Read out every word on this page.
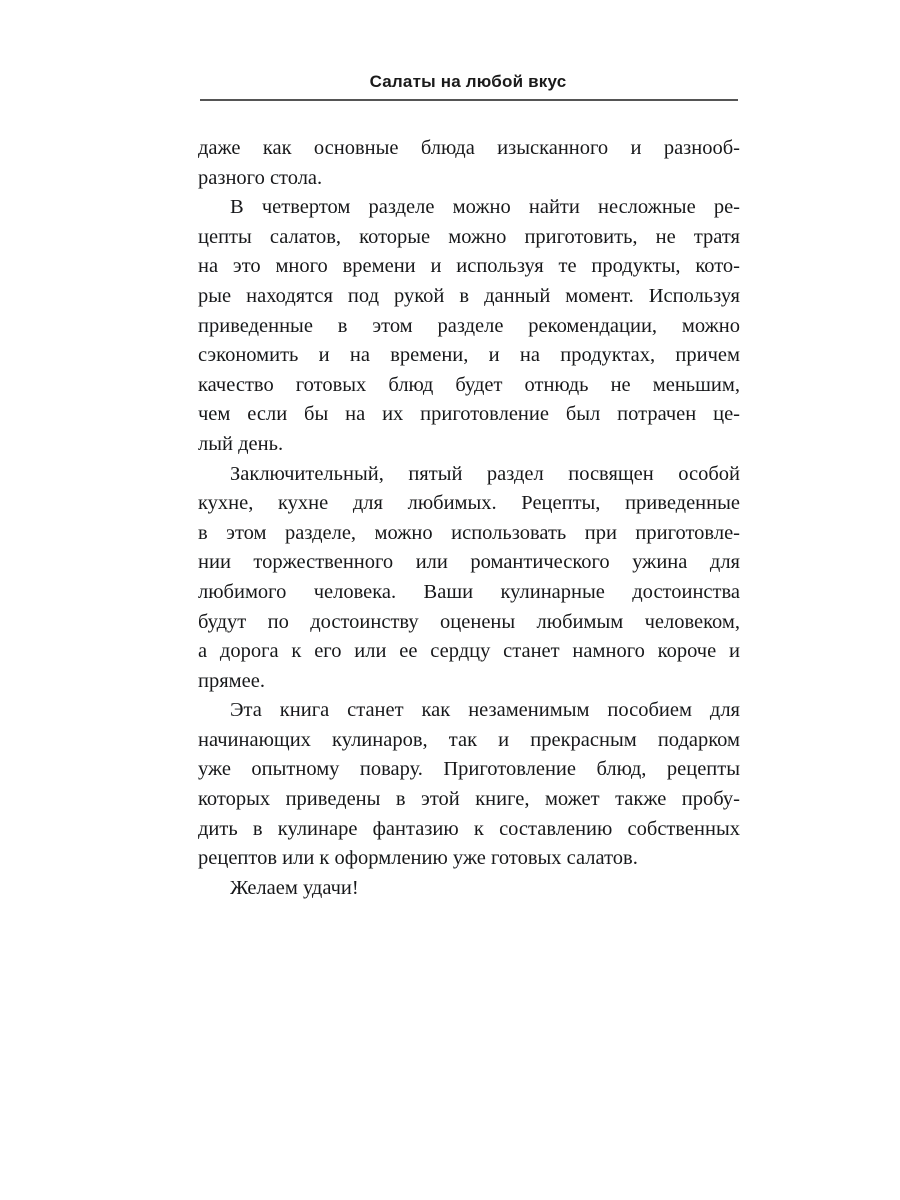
Салаты на любой вкус

даже как основные блюда изысканного и разнооб-
разного стола.

В четвертом разделе можно найти несложные ре-
цепты салатов, которые можно приготовить, не тратя
на это много времени и используя те продукты, кото-
рые находятся под рукой в данный момент. Используя
приведенные в этом разделе рекомендации, можно
сэкономить и на времени, и на продуктах, причем
качество готовых блюд будет отнюдь не меньшим,
чем если бы на их приготовление был потрачен це-
лый день.

Заключительный, пятый раздел посвящен особой
кухне, кухне для любимых. Рецепты, приведенные
в этом разделе, можно использовать при приготовле-
нии торжественного или романтического ужина для
любимого человека. Ваши кулинарные достоинства
будут по достоинству оценены любимым человеком,
а дорога к его или ее сердцу станет намного короче и
прямее.

Эта книга станет как незаменимым пособием для
начинающих кулинаров, так и прекрасным подарком
уже опытному повару. Приготовление блюд, рецепты
которых приведены в этой книге, может также пробу-
дить в кулинаре фантазию к составлению собственных
рецептов или к оформлению уже готовых салатов.

Желаем удачи!
